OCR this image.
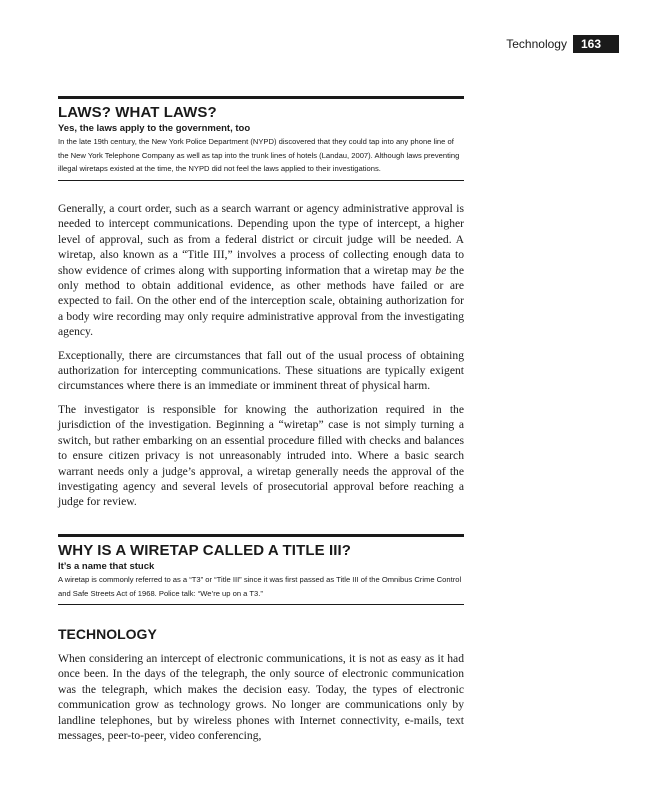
Technology	163
LAWS? WHAT LAWS?
Yes, the laws apply to the government, too

In the late 19th century, the New York Police Department (NYPD) discovered that they could tap into any phone line of the New York Telephone Company as well as tap into the trunk lines of hotels (Landau, 2007). Although laws preventing illegal wiretaps existed at the time, the NYPD did not feel the laws applied to their investigations.

Generally, a court order, such as a search warrant or agency administrative approval is needed to intercept communications. Depending upon the type of intercept, a higher level of approval, such as from a federal district or circuit judge will be needed. A wiretap, also known as a “Title III,” involves a process of collecting enough data to show evidence of crimes along with supporting information that a wiretap may be the only method to obtain additional evidence, as other methods have failed or are expected to fail. On the other end of the interception scale, obtaining authorization for a body wire recording may only require administrative approval from the investigating agency.

Exceptionally, there are circumstances that fall out of the usual process of obtaining authorization for intercepting communications. These situations are typically exigent circumstances where there is an immediate or imminent threat of physical harm.

The investigator is responsible for knowing the authorization required in the jurisdiction of the investigation. Beginning a “wiretap” case is not simply turning a switch, but rather embarking on an essential procedure filled with checks and balances to ensure citizen privacy is not unreasonably intruded into. Where a basic search warrant needs only a judge’s approval, a wiretap generally needs the approval of the investigating agency and several levels of prosecutorial approval before reaching a judge for review.

WHY IS A WIRETAP CALLED A TITLE III?
It’s a name that stuck

A wiretap is commonly referred to as a “T3” or “Title III” since it was first passed as Title III of the Omnibus Crime Control and Safe Streets Act of 1968. Police talk: “We’re up on a T3.”

TECHNOLOGY

When considering an intercept of electronic communications, it is not as easy as it had once been. In the days of the telegraph, the only source of electronic communication was the telegraph, which makes the decision easy. Today, the types of electronic communication grow as technology grows. No longer are communications only by landline telephones, but by wireless phones with Internet connectivity, e-mails, text messages, peer-to-peer, video conferencing,
